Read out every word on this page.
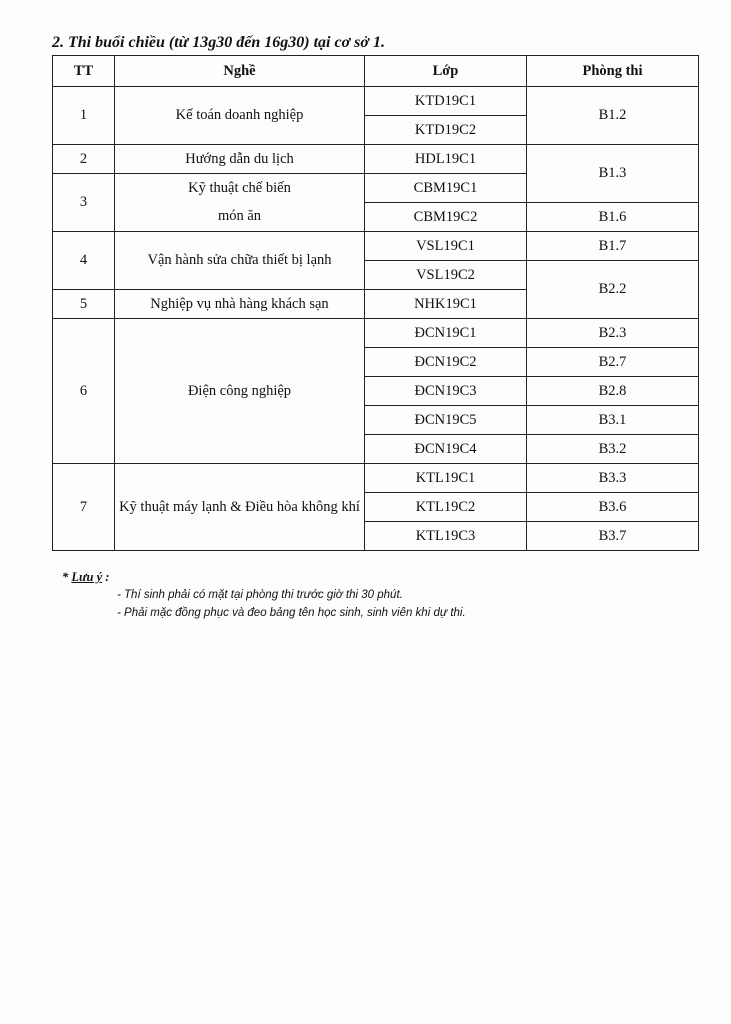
2. Thi buổi chiều (từ 13g30 đến 16g30) tại cơ sở 1.
TT	Nghề	Lớp	Phòng thi
1	Kế toán doanh nghiệp	KTD19C1	B1.2
		KTD19C2	
2	Hướng dẫn du lịch	HDL19C1	B1.3
3	Kỹ thuật chế biến	CBM19C1	
	món ăn	CBM19C2	B1.6
4	Vận hành sửa chữa thiết bị lạnh	VSL19C1	B1.7
		VSL19C2	B2.2
5	Nghiệp vụ nhà hàng khách sạn	NHK19C1	
6	Điện công nghiệp	ĐCN19C1	B2.3
		ĐCN19C2	B2.7
		ĐCN19C3	B2.8
		ĐCN19C5	B3.1
		ĐCN19C4	B3.2
7	Kỹ thuật máy lạnh & Điều hòa không khí	KTL19C1	B3.3
		KTL19C2	B3.6
		KTL19C3	B3.7
* Lưu ý :
- Thí sinh phải có mặt tại phòng thi trước giờ thi 30 phút.
- Phải mặc đồng phục và đeo bảng tên học sinh, sinh viên khi dự thi.
